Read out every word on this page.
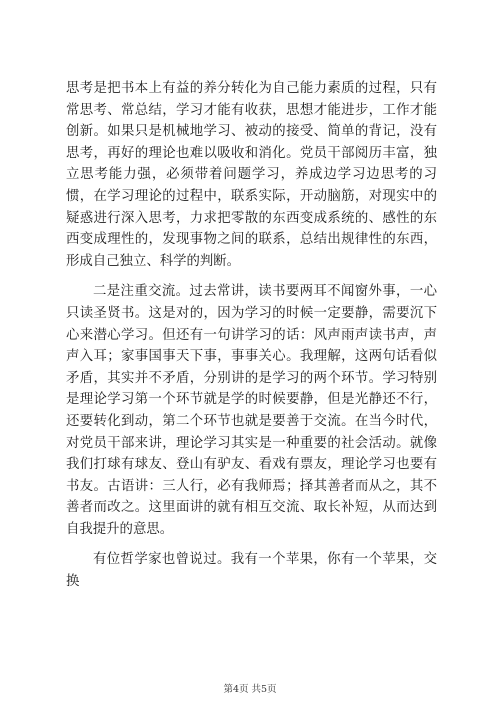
思考是把书本上有益的养分转化为自己能力素质的过程，只有常思考、常总结，学习才能有收获，思想才能进步，工作才能创新。如果只是机械地学习、被动的接受、简单的背记，没有思考，再好的理论也难以吸收和消化。党员干部阅历丰富，独立思考能力强，必须带着问题学习，养成边学习边思考的习惯，在学习理论的过程中，联系实际，开动脑筋，对现实中的疑惑进行深入思考，力求把零散的东西变成系统的、感性的东西变成理性的，发现事物之间的联系，总结出规律性的东西，形成自己独立、科学的判断。

二是注重交流。过去常讲，读书要两耳不闻窗外事，一心只读圣贤书。这是对的，因为学习的时候一定要静，需要沉下心来潜心学习。但还有一句讲学习的话：风声雨声读书声，声声入耳；家事国事天下事，事事关心。我理解，这两句话看似矛盾，其实并不矛盾，分别讲的是学习的两个环节。学习特别是理论学习第一个环节就是学的时候要静，但是光静还不行，还要转化到动，第二个环节也就是要善于交流。在当今时代，对党员干部来讲，理论学习其实是一种重要的社会活动。就像我们打球有球友、登山有驴友、看戏有票友，理论学习也要有书友。古语讲：三人行，必有我师焉；择其善者而从之，其不善者而改之。这里面讲的就有相互交流、取长补短，从而达到自我提升的意思。

有位哲学家也曾说过。我有一个苹果，你有一个苹果，交换

第4页 共5页
